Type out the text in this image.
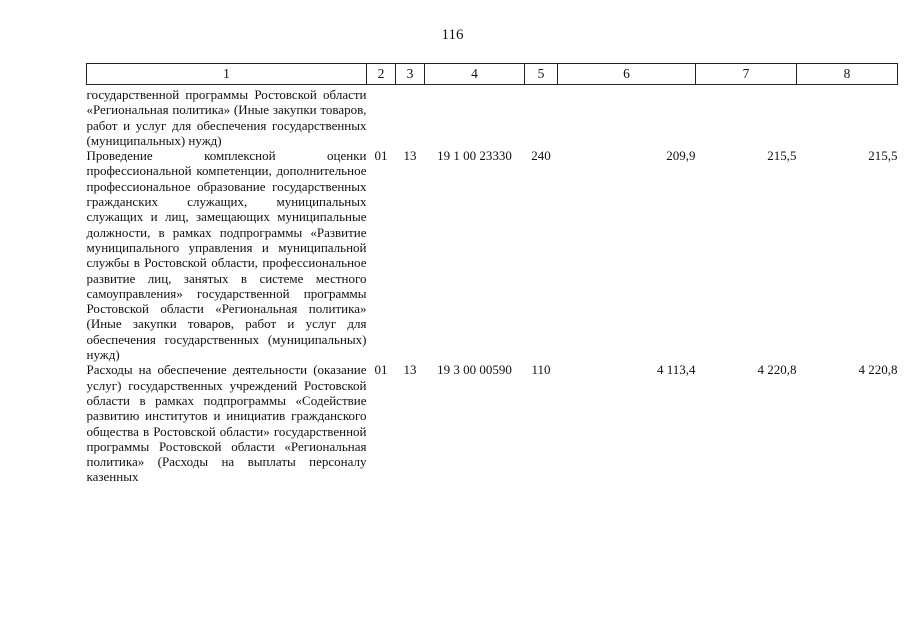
116
1	2	3	4	5	6	7	8
государственной программы Ростовской области «Региональная политика» (Иные закупки товаров, работ и услуг для обеспечения государственных (муниципальных) нужд)							
Проведение комплексной оценки профессиональной компетенции, дополнительное профессиональное образование государственных гражданских служащих, муниципальных служащих и лиц, замещающих муниципальные должности, в рамках подпрограммы «Развитие муниципального управления и муниципальной службы в Ростовской области, профессиональное развитие лиц, занятых в системе местного самоуправления» государственной программы Ростовской области «Региональная политика» (Иные закупки товаров, работ и услуг для обеспечения государственных (муниципальных) нужд)	01	13	19 1 00 23330	240	209,9	215,5	215,5
Расходы на обеспечение деятельности (оказание услуг) государственных учреждений Ростовской области в рамках подпрограммы «Содействие развитию институтов и инициатив гражданского общества в Ростовской области» государственной программы Ростовской области «Региональная политика» (Расходы на выплаты персоналу казенных	01	13	19 3 00 00590	110	4 113,4	4 220,8	4 220,8
